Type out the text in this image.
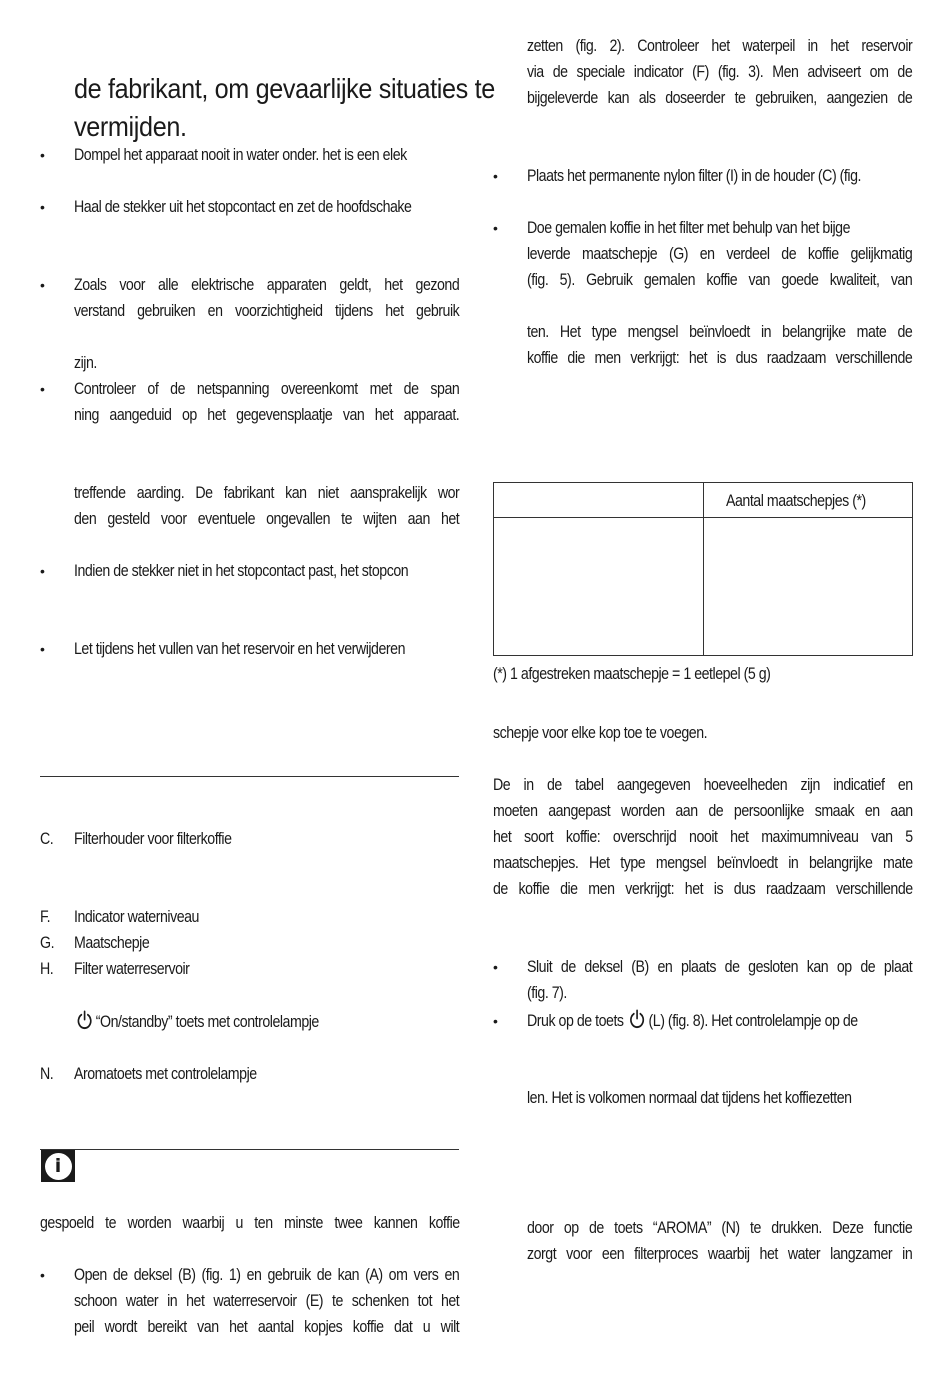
de fabrikant, om gevaarlijke situaties te
vermijden.
• Dompel het apparaat nooit in water onder. het is een elek
• Haal de stekker uit het stopcontact en zet de hoofdschake
• Zoals voor alle elektrische apparaten geldt, het gezond
verstand gebruiken en voorzichtigheid tijdens het gebruik
zijn.
• Controleer of de netspanning overeenkomt met de span
ning aangeduid op het gegevensplaatje van het apparaat.
treffende aarding. De fabrikant kan niet aansprakelijk wor
den gesteld voor eventuele ongevallen te wijten aan het
• Indien de stekker niet in het stopcontact past, het stopcon
• Let tijdens het vullen van het reservoir en het verwijderen
C. Filterhouder voor filterkoffie
F. Indicator waterniveau
G. Maatschepje
H. Filter waterreservoir
“On/standby” toets met controlelampje
N. Aromatoets met controlelampje
i
gespoeld te worden waarbij u ten minste twee kannen koffie
• Open de deksel (B) (fig. 1) en gebruik de kan (A) om vers en
schoon water in het waterreservoir (E) te schenken tot het
peil wordt bereikt van het aantal kopjes koffie dat u wilt
zetten (fig. 2). Controleer het waterpeil in het reservoir
via de speciale indicator (F) (fig. 3). Men adviseert om de
bijgeleverde kan als doseerder te gebruiken, aangezien de
• Plaats het permanente nylon filter (I) in de houder (C) (fig.
• Doe gemalen koffie in het filter met behulp van het bijge
leverde maatschepje (G) en verdeel de koffie gelijkmatig
(fig. 5). Gebruik gemalen koffie van goede kwaliteit, van
ten. Het type mengsel beïnvloedt in belangrijke mate de
koffie die men verkrijgt: het is dus raadzaam verschillende

	Aantal maatschepjes (*)

(*) 1 afgestreken maatschepje = 1 eetlepel (5 g)
schepje voor elke kop toe te voegen.
De in de tabel aangegeven hoeveelheden zijn indicatief en
moeten aangepast worden aan de persoonlijke smaak en aan
het soort koffie: overschrijd nooit het maximumniveau van 5
maatschepjes. Het type mengsel beïnvloedt in belangrijke mate
de koffie die men verkrijgt: het is dus raadzaam verschillende
• Sluit de deksel (B) en plaats de gesloten kan op de plaat
(fig. 7).
• Druk op de toets (L) (fig. 8). Het controlelampje op de
len. Het is volkomen normaal dat tijdens het koffiezetten
door op de toets “AROMA” (N) te drukken. Deze functie
zorgt voor een filterproces waarbij het water langzamer in
